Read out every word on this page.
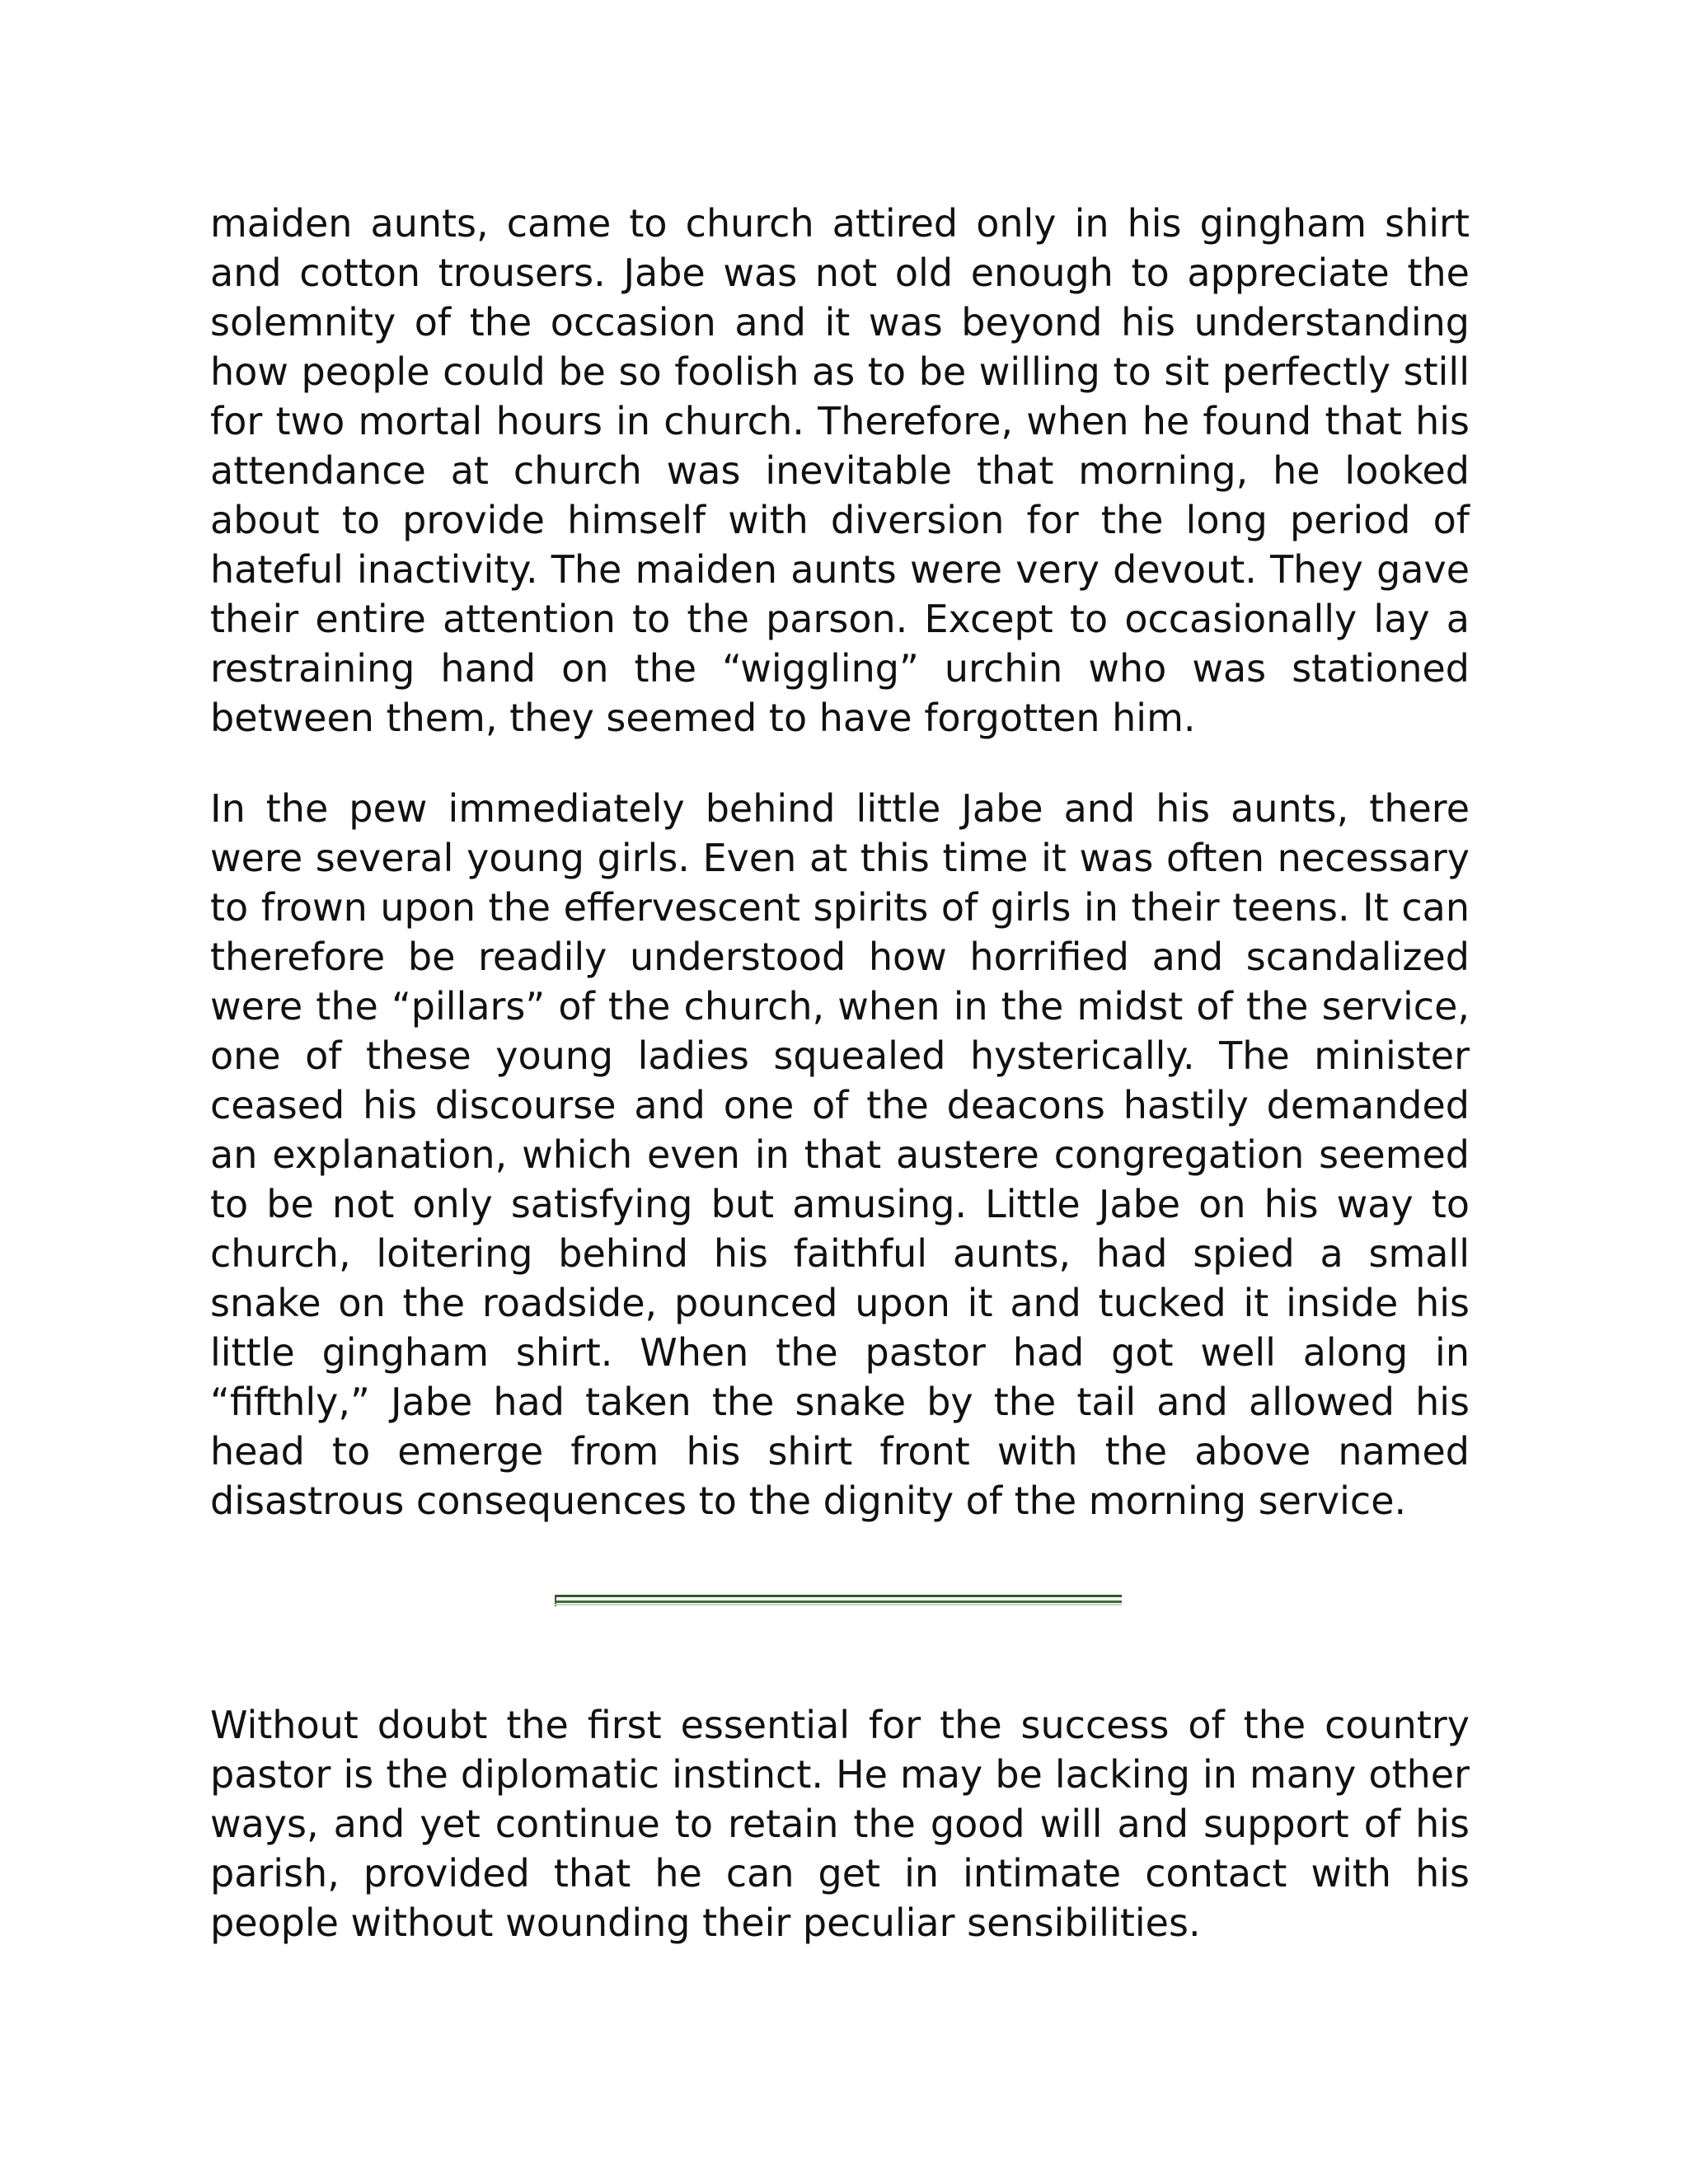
maiden aunts, came to church attired only in his gingham shirt and cotton trousers. Jabe was not old enough to appreciate the solemnity of the occasion and it was beyond his understanding how people could be so foolish as to be willing to sit perfectly still for two mortal hours in church. Therefore, when he found that his attendance at church was inevitable that morning, he looked about to provide himself with diversion for the long period of hateful inactivity. The maiden aunts were very devout. They gave their entire attention to the parson. Except to occasionally lay a restraining hand on the “wiggling” urchin who was stationed between them, they seemed to have forgotten him.

In the pew immediately behind little Jabe and his aunts, there were several young girls. Even at this time it was often necessary to frown upon the effervescent spirits of girls in their teens. It can therefore be readily understood how horrified and scandalized were the “pillars” of the church, when in the midst of the service, one of these young ladies squealed hysterically. The minister ceased his discourse and one of the deacons hastily demanded an explanation, which even in that austere congregation seemed to be not only satisfying but amusing. Little Jabe on his way to church, loitering behind his faithful aunts, had spied a small snake on the roadside, pounced upon it and tucked it inside his little gingham shirt. When the pastor had got well along in “fifthly,” Jabe had taken the snake by the tail and allowed his head to emerge from his shirt front with the above named disastrous consequences to the dignity of the morning service.

Without doubt the first essential for the success of the country pastor is the diplomatic instinct. He may be lacking in many other ways, and yet continue to retain the good will and support of his parish, provided that he can get in intimate contact with his people without wounding their peculiar sensibilities.
